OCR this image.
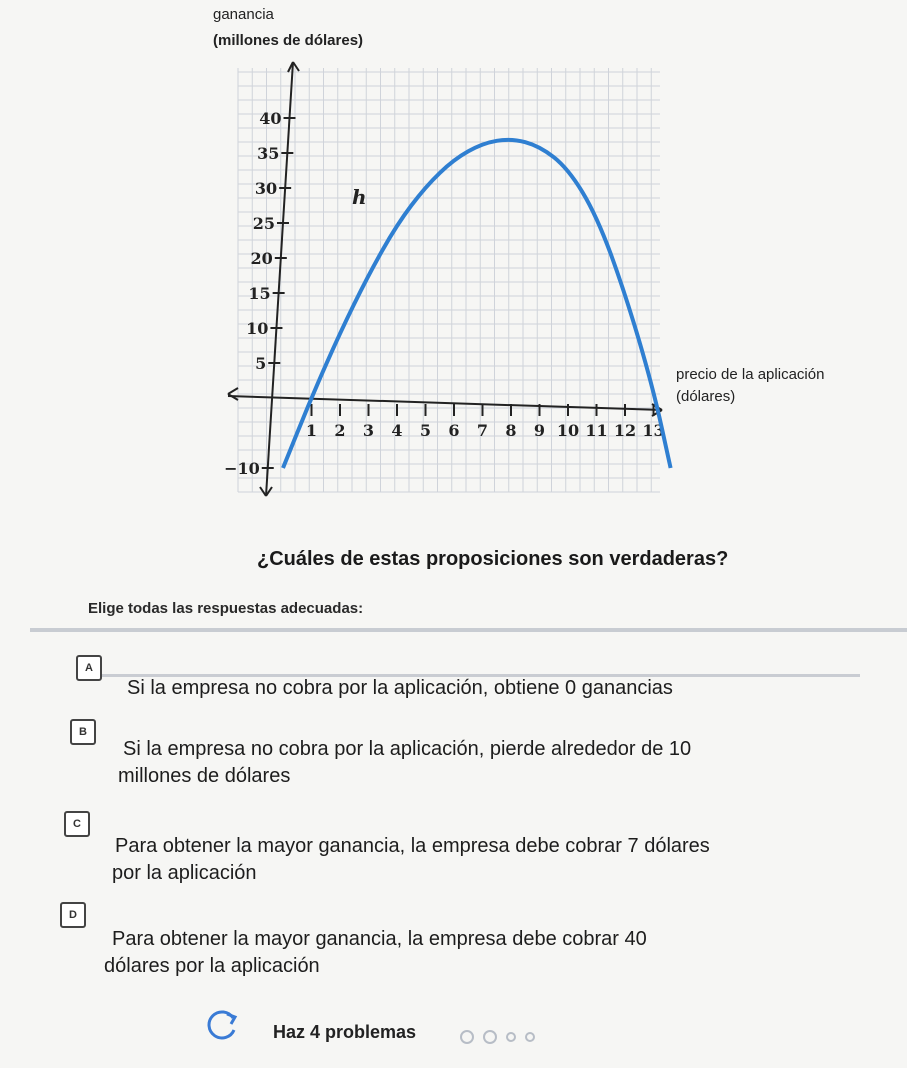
ganancia
(millones de dólares)
precio de la aplicación
(dólares)
1 2 3 4 5 6 7 8 9 10 11 12 13
−10
5
10
15
20
25
30
35
40
h
¿Cuáles de estas proposiciones son verdaderas?
Elige todas las respuestas adecuadas:
A
Si la empresa no cobra por la aplicación, obtiene 0 ganancias
B
Si la empresa no cobra por la aplicación, pierde alrededor de 10
millones de dólares
C
Para obtener la mayor ganancia, la empresa debe cobrar 7 dólares
por la aplicación
D
Para obtener la mayor ganancia, la empresa debe cobrar 40
dólares por la aplicación
Haz 4 problemas
